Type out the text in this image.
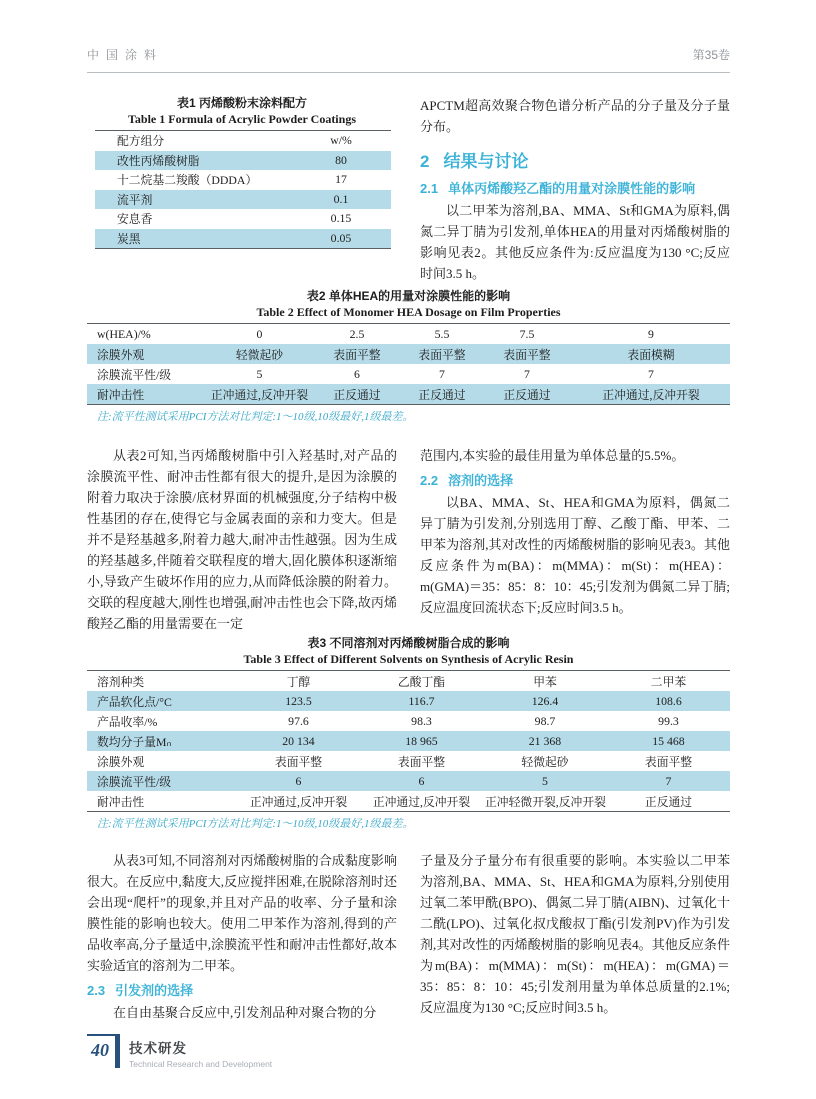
中国涂料	第35卷
表1 丙烯酸粉末涂料配方
Table 1 Formula of Acrylic Powder Coatings
配方组分	w/%
改性丙烯酸树脂	80
十二烷基二羧酸（DDDA）	17
流平剂	0.1
安息香	0.15
炭黑	0.05
APCTM超高效聚合物色谱分析产品的分子量及分子量分布。
2 结果与讨论
2.1 单体丙烯酸羟乙酯的用量对涂膜性能的影响
以二甲苯为溶剂,BA、MMA、St和GMA为原料,偶氮二异丁腈为引发剂,单体HEA的用量对丙烯酸树脂的影响见表2。其他反应条件为:反应温度为130 °C;反应时间3.5 h。
表2 单体HEA的用量对涂膜性能的影响
Table 2 Effect of Monomer HEA Dosage on Film Properties
w(HEA)/%	0	2.5	5.5	7.5	9
涂膜外观	轻微起砂	表面平整	表面平整	表面平整	表面模糊
涂膜流平性/级	5	6	7	7	7
耐冲击性	正冲通过,反冲开裂	正反通过	正反通过	正反通过	正冲通过,反冲开裂
注:流平性测试采用PCI方法对比判定:1～10级,10级最好,1级最差。
从表2可知,当丙烯酸树脂中引入羟基时,对产品的涂膜流平性、耐冲击性都有很大的提升,是因为涂膜的附着力取决于涂膜/底材界面的机械强度,分子结构中极性基团的存在,使得它与金属表面的亲和力变大。但是并不是羟基越多,附着力越大,耐冲击性越强。因为生成的羟基越多,伴随着交联程度的增大,固化膜体积逐渐缩小,导致产生破坏作用的应力,从而降低涂膜的附着力。交联的程度越大,刚性也增强,耐冲击性也会下降,故丙烯酸羟乙酯的用量需要在一定
范围内,本实验的最佳用量为单体总量的5.5%。
2.2 溶剂的选择
以BA、MMA、St、HEA和GMA为原料，偶氮二异丁腈为引发剂,分别选用丁醇、乙酸丁酯、甲苯、二甲苯为溶剂,其对改性的丙烯酸树脂的影响见表3。其他反应条件为m(BA)：m(MMA)：m(St)：m(HEA)：m(GMA)＝35：85：8：10：45;引发剂为偶氮二异丁腈;反应温度回流状态下;反应时间3.5 h。
表3 不同溶剂对丙烯酸树脂合成的影响
Table 3 Effect of Different Solvents on Synthesis of Acrylic Resin
溶剂种类	丁醇	乙酸丁酯	甲苯	二甲苯
产品软化点/°C	123.5	116.7	126.4	108.6
产品收率/%	97.6	98.3	98.7	99.3
数均分子量Mₙ	20 134	18 965	21 368	15 468
涂膜外观	表面平整	表面平整	轻微起砂	表面平整
涂膜流平性/级	6	6	5	7
耐冲击性	正冲通过,反冲开裂	正冲通过,反冲开裂	正冲轻微开裂,反冲开裂	正反通过
注:流平性测试采用PCI方法对比判定:1～10级,10级最好,1级最差。
从表3可知,不同溶剂对丙烯酸树脂的合成黏度影响很大。在反应中,黏度大,反应搅拌困难,在脱除溶剂时还会出现“爬杆”的现象,并且对产品的收率、分子量和涂膜性能的影响也较大。使用二甲苯作为溶剂,得到的产品收率高,分子量适中,涂膜流平性和耐冲击性都好,故本实验适宜的溶剂为二甲苯。
2.3 引发剂的选择
在自由基聚合反应中,引发剂品种对聚合物的分
子量及分子量分布有很重要的影响。本实验以二甲苯为溶剂,BA、MMA、St、HEA和GMA为原料,分别使用过氧二苯甲酰(BPO)、偶氮二异丁腈(AIBN)、过氧化十二酰(LPO)、过氧化叔戊酸叔丁酯(引发剂PV)作为引发剂,其对改性的丙烯酸树脂的影响见表4。其他反应条件为m(BA)：m(MMA)：m(St)：m(HEA)：m(GMA)＝35：85：8：10：45;引发剂用量为单体总质量的2.1%;反应温度为130 °C;反应时间3.5 h。
40	技术研发
Technical Research and Development
